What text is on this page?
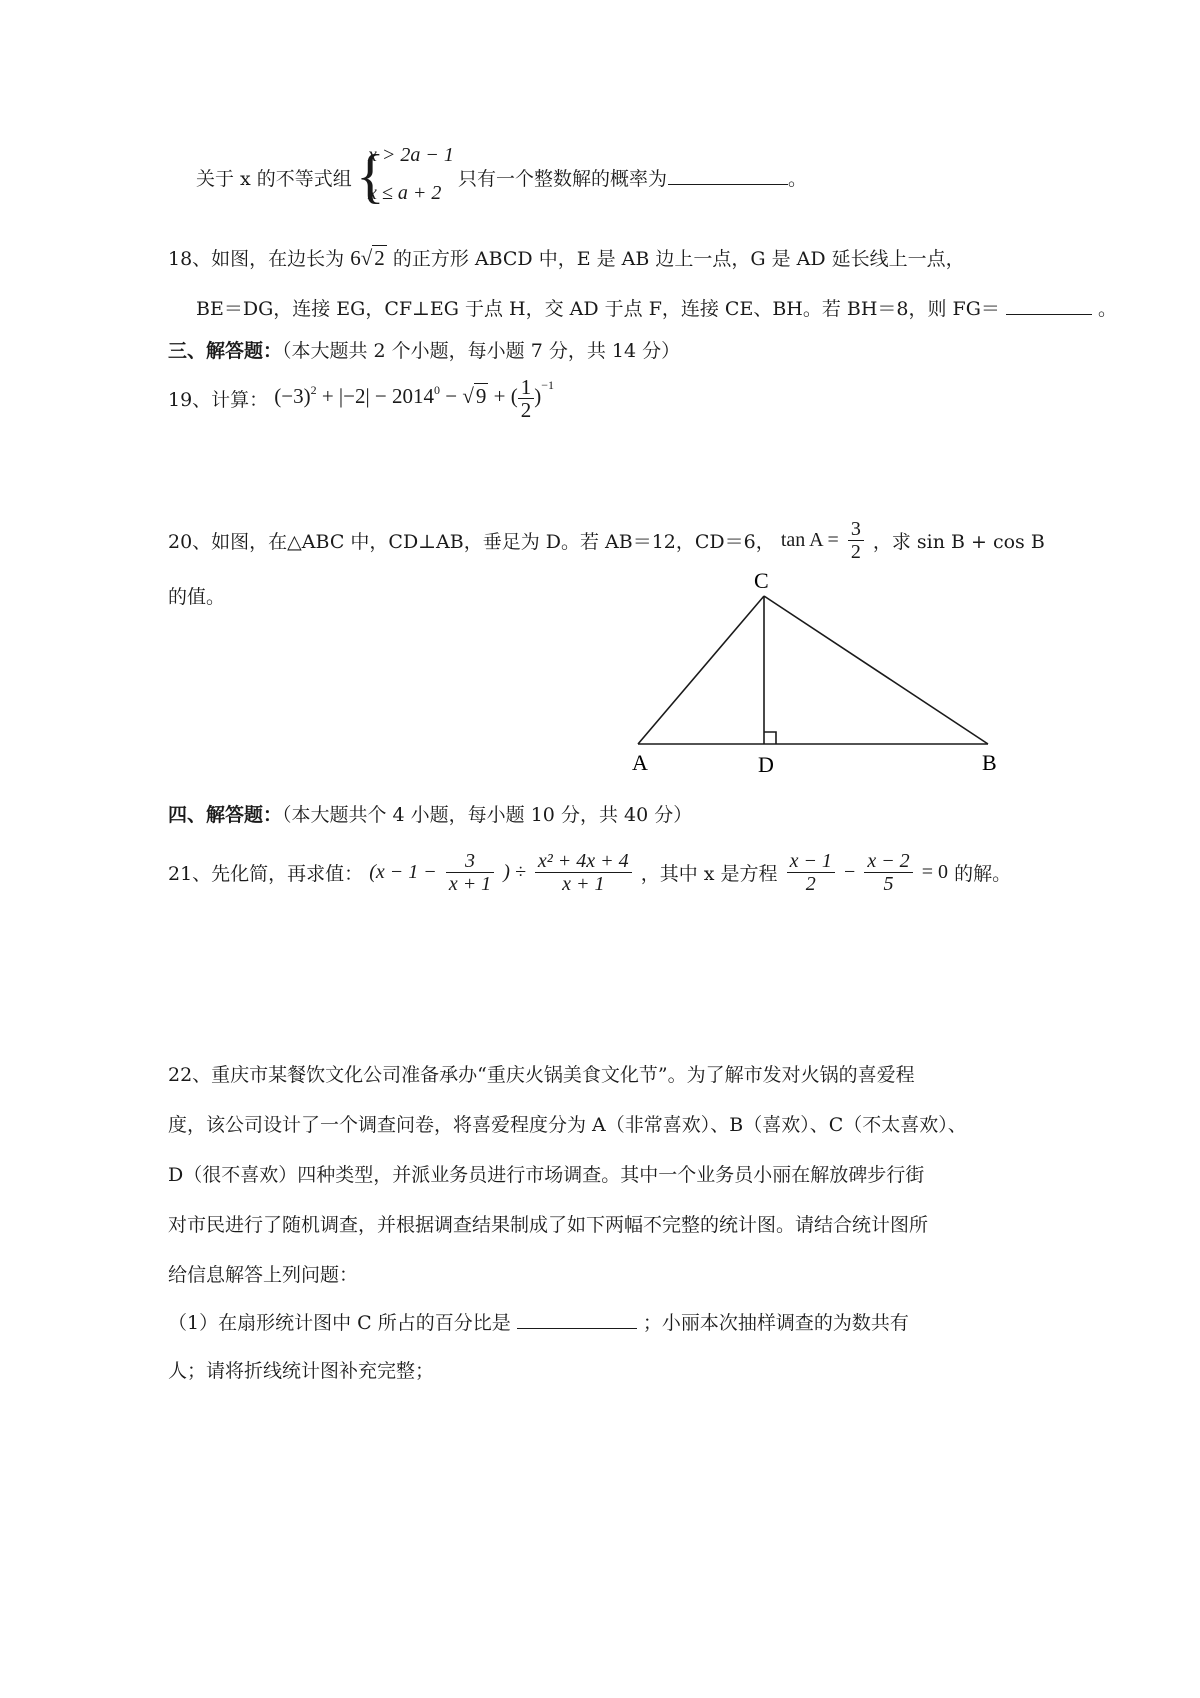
关于 x 的不等式组 {
x > 2a − 1
x ≤ a + 2
只有一个整数解的概率为	。
18、如图，在边长为 6√2 的正方形 ABCD 中，E 是 AB 边上一点，G 是 AD 延长线上一点，
BE＝DG，连接 EG，CF⊥EG 于点 H，交 AD 于点 F，连接 CE、BH。若 BH＝8，则 FG＝	。
三、解答题：（本大题共 2 个小题，每小题 7 分，共 14 分）
19、计算： $(-3)^2 + |-2| - 2014^0 - √9$ + ( $\frac{1}{2} )^{-1}$
20、如图，在△ABC 中，CD⊥AB，垂足为 D。若 AB＝12，CD＝6， $\tan A = \frac{3}{2}$ ，求 sin B + cos B
的值。
C
A	D	B
四、解答题：（本大题共个 4 小题，每小题 10 分，共 40 分）
21、先化简，再求值： ($x - 1 - \frac{3}{x + 1}$ ) ÷ $\frac{\text{x² + 4x + 4}}{x + 1}$ ，其中 x 是方程 $\frac{x - 1}{2} - \frac{x - 2}{5} = 0$ 的解。
22、重庆市某餐饮文化公司准备承办“重庆火锅美食文化节”。为了解市发对火锅的喜爱程
度，该公司设计了一个调查问卷，将喜爱程度分为 A（非常喜欢）、B（喜欢）、C（不太喜欢）、
D（很不喜欢）四种类型，并派业务员进行市场调查。其中一个业务员小丽在解放碑步行街
对市民进行了随机调查，并根据调查结果制成了如下两幅不完整的统计图。请结合统计图所
给信息解答上列问题：
（1）在扇形统计图中 C 所占的百分比是	；小丽本次抽样调查的为数共有
人；请将折线统计图补充完整；
